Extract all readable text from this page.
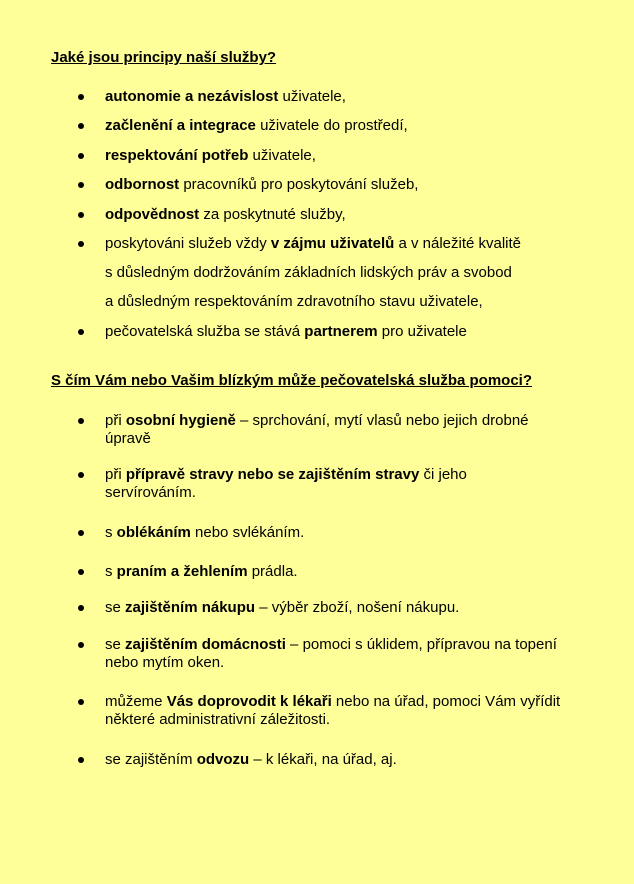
Jaké jsou principy naší služby?
autonomie a nezávislost uživatele,
začlenění a integrace uživatele do prostředí,
respektování potřeb uživatele,
odbornost pracovníků pro poskytování služeb,
odpovědnost za poskytnuté služby,
poskytováni služeb vždy v zájmu uživatelů a v náležité kvalitě
s důsledným dodržováním základních lidských práv a svobod
a důsledným respektováním zdravotního stavu uživatele,
pečovatelská služba se stává partnerem pro uživatele
S čím Vám nebo Vašim blízkým může pečovatelská služba pomoci?
při osobní hygieně – sprchování, mytí vlasů nebo jejich drobné
úpravě
při přípravě stravy nebo se zajištěním stravy či jeho
servírováním.
s oblékáním nebo svlékáním.
s praním a žehlením prádla.
se zajištěním nákupu – výběr zboží, nošení nákupu.
se zajištěním domácnosti – pomoci s úklidem, přípravou na topení
nebo mytím oken.
můžeme Vás doprovodit k lékaři nebo na úřad, pomoci Vám vyřídit
některé administrativní záležitosti.
se zajištěním odvozu – k lékaři, na úřad, aj.
